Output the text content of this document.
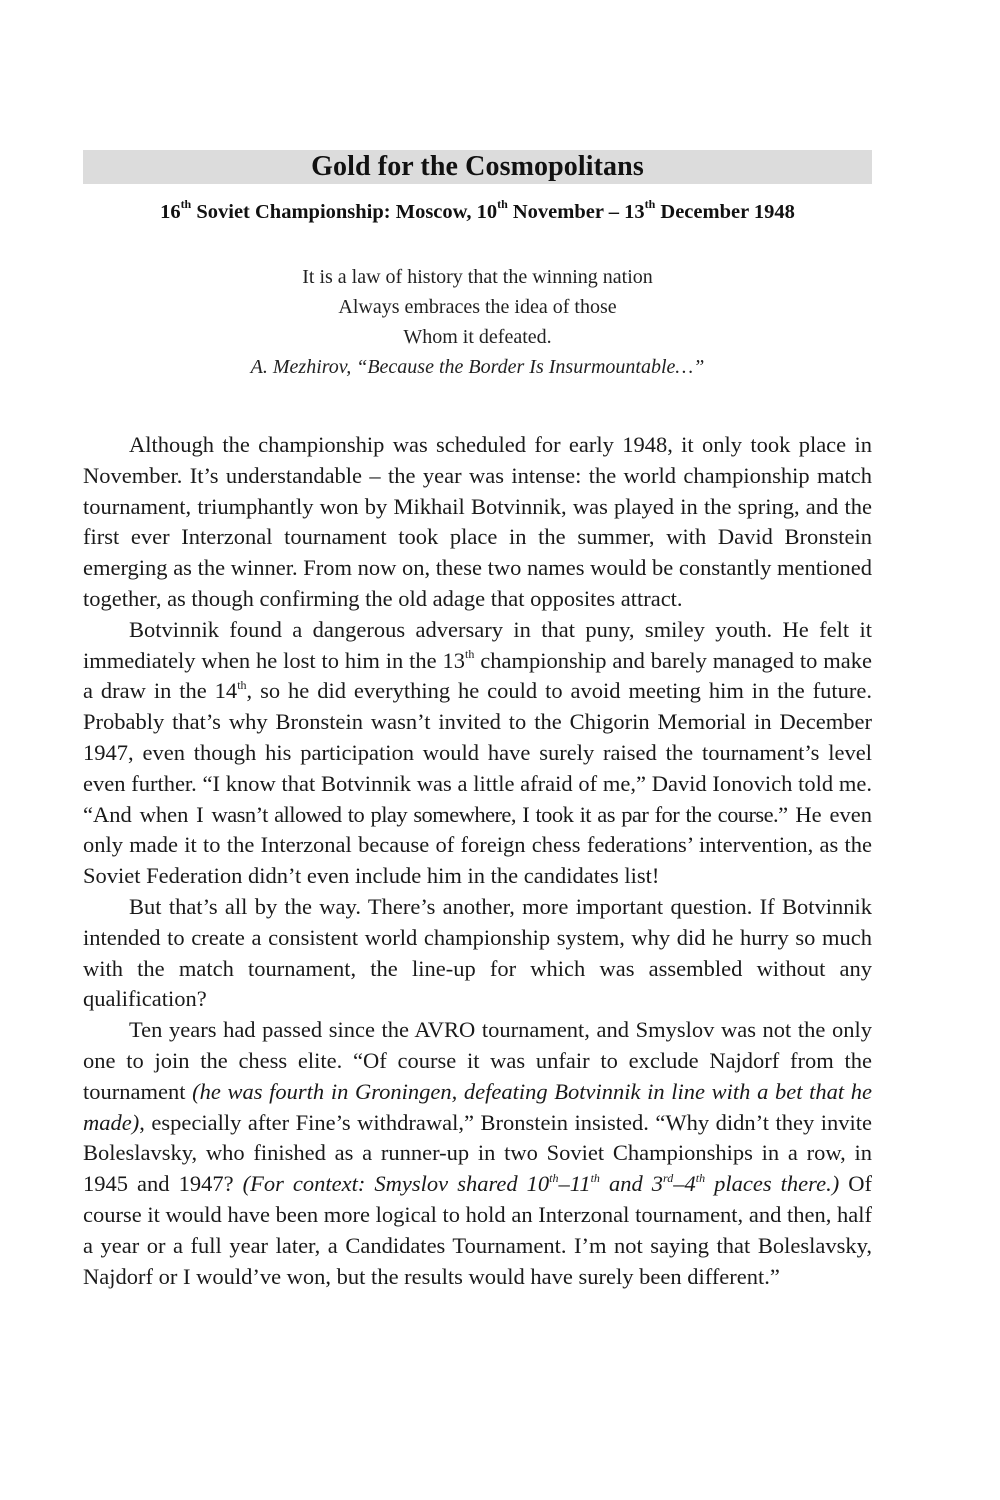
Gold for the Cosmopolitans
16th Soviet Championship: Moscow, 10th November – 13th December 1948
It is a law of history that the winning nation
Always embraces the idea of those
Whom it defeated.
A. Mezhirov, “Because the Border Is Insurmountable…”

Although the championship was scheduled for early 1948, it only took place in November. It’s understandable – the year was intense: the world championship match tournament, triumphantly won by Mikhail Botvinnik, was played in the spring, and the first ever Interzonal tournament took place in the summer, with David Bronstein emerging as the winner. From now on, these two names would be constantly mentioned together, as though confirming the old adage that opposites attract.

Botvinnik found a dangerous adversary in that puny, smiley youth. He felt it immediately when he lost to him in the 13th championship and barely managed to make a draw in the 14th, so he did everything he could to avoid meeting him in the future. Probably that’s why Bronstein wasn’t invited to the Chigorin Memorial in December 1947, even though his participation would have surely raised the tournament’s level even further. “I know that Botvinnik was a little afraid of me,” David Ionovich told me. “And when I wasn’t allowed to play somewhere, I took it as par for the course.” He even only made it to the Interzonal because of foreign chess federations’ intervention, as the Soviet Federation didn’t even include him in the candidates list!

But that’s all by the way. There’s another, more important question. If Botvinnik intended to create a consistent world championship system, why did he hurry so much with the match tournament, the line-up for which was assembled without any qualification?

Ten years had passed since the AVRO tournament, and Smyslov was not the only one to join the chess elite. “Of course it was unfair to exclude Najdorf from the tournament (he was fourth in Groningen, defeating Botvinnik in line with a bet that he made), especially after Fine’s withdrawal,” Bronstein insisted. “Why didn’t they invite Boleslavsky, who finished as a runner-up in two Soviet Championships in a row, in 1945 and 1947? (For context: Smyslov shared 10th–11th and 3rd–4th places there.) Of course it would have been more logical to hold an Interzonal tournament, and then, half a year or a full year later, a Candidates Tournament. I’m not saying that Boleslavsky, Najdorf or I would’ve won, but the results would have surely been different.”
